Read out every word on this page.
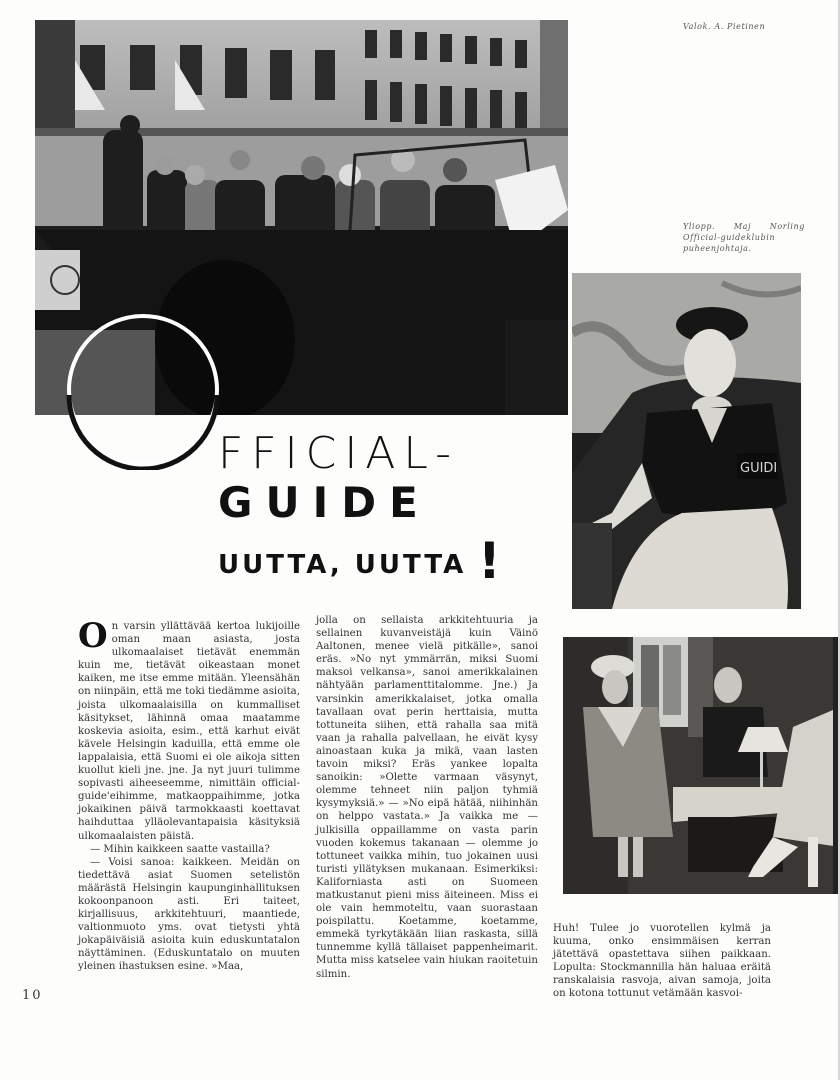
Valok. A. Pietinen
Yliopp. Maj Norling Official-guideklubin puheenjohtaja.
GUIDI
FFICIAL-
GUIDE
UUTTA, UUTTA !

On varsin yllättävää kertoa lukijoille oman maan asiasta, josta ulkomaalaiset tietävät enemmän kuin me, tietävät oikeastaan monet kaiken, me itse emme mitään. Yleensähän on niinpäin, että me toki tiedämme asioita, joista ulkomaalaisilla on kummalliset käsitykset, lähinnä omaa maatamme koskevia asioita, esim., että karhut eivät kävele Helsingin kaduilla, että emme ole lappalaisia, että Suomi ei ole aikoja sitten kuollut kieli jne. jne. Ja nyt juuri tulimme sopivasti aiheeseemme, nimittäin official-guide'eihimme, matkaoppaihimme, jotka jokaikinen päivä tarmokkaasti koettavat haihduttaa ylläolevantapaisia käsityksiä ulkomaalaisten päistä.

— Mihin kaikkeen saatte vastailla?

— Voisi sanoa: kaikkeen. Meidän on tiedettävä asiat Suomen setelistön määrästä Helsingin kaupunginhallituksen kokoonpanoon asti. Eri taiteet, kirjallisuus, arkkitehtuuri, maantiede, valtionmuoto yms. ovat tietysti yhtä jokapäiväisiä asioita kuin eduskuntatalon näyttäminen. (Eduskuntatalo on muuten yleinen ihastuksen esine. »Maa,

jolla on sellaista arkkitehtuuria ja sellainen kuvanveistäjä kuin Väinö Aaltonen, menee vielä pitkälle», sanoi eräs. »No nyt ymmärrän, miksi Suomi maksoi velkansa», sanoi amerikkalainen nähtyään parlamenttitalomme. Jne.) Ja varsinkin amerikkalaiset, jotka omalla tavallaan ovat perin herttaisia, mutta tottuneita siihen, että rahalla saa mitä vaan ja rahalla palvellaan, he eivät kysy ainoastaan kuka ja mikä, vaan lasten tavoin miksi? Eräs yankee lopalta sanoikin: »Olette varmaan väsynyt, olemme tehneet niin paljon tyhmiä kysymyksiä.» — »No eipä hätää, niihinhän on helppo vastata.» Ja vaikka me — julkisilla oppaillamme on vasta parin vuoden kokemus takanaan — olemme jo tottuneet vaikka mihin, tuo jokainen uusi turisti yllätyksen mukanaan. Esimerkiksi: Kaliforniasta asti on Suomeen matkustanut pieni miss äiteineen. Miss ei ole vain hemmoteltu, vaan suorastaan poispilattu. Koetamme, koetamme, emmekä tyrkytäkään liian raskasta, sillä tunnemme kyllä tällaiset pappenheimarit. Mutta miss katselee vain hiukan raoitetuin silmin.

Huh! Tulee jo vuorotellen kylmä ja kuuma, onko ensimmäisen kerran jätettävä opastettava siihen paikkaan. Lopulta: Stockmannilla hän haluaa eräitä ranskalaisia rasvoja, aivan samoja, joita on kotona tottunut vetämään kasvoi-

10
